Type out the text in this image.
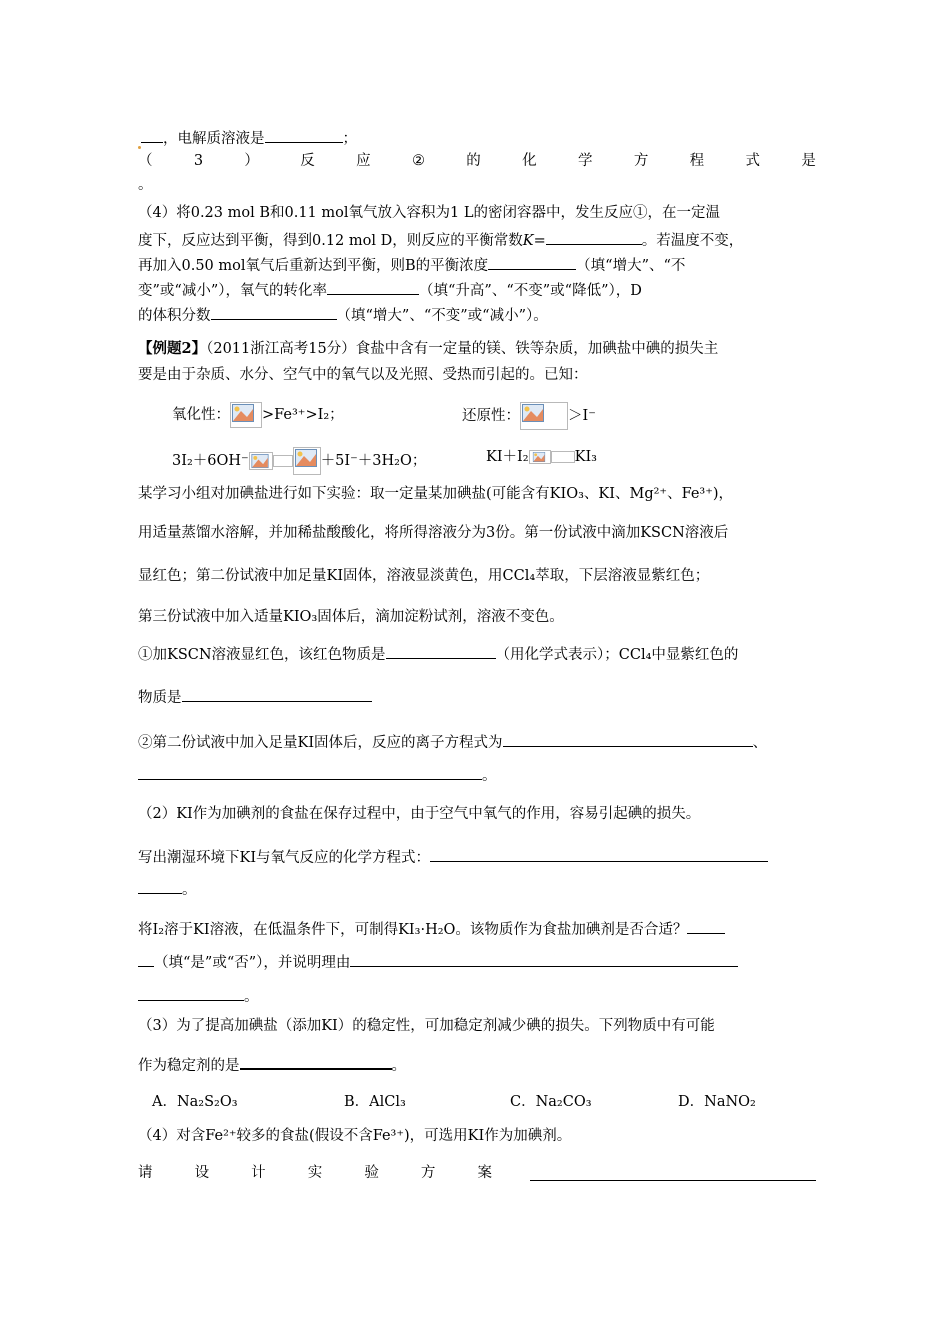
，电解质溶液是	；
（	3	）	反	应	②	的	化	学	方	程	式	是
。
（4）将0.23 mol B和0.11 mol氧气放入容积为1 L的密闭容器中，发生反应①，在一定温
度下，反应达到平衡，得到0.12 mol D，则反应的平衡常数K=	。若温度不变，
再加入0.50 mol氧气后重新达到平衡，则B的平衡浓度	（填“增大”、“不
变”或“减小”），氧气的转化率	（填“升高”、“不变”或“降低”），D
的体积分数	（填“增大”、“不变”或“减小”）。
【例题2】（2011浙江高考15分）食盐中含有一定量的镁、铁等杂质，加碘盐中碘的损失主
要是由于杂质、水分、空气中的氧气以及光照、受热而引起的。已知：
氧化性： >Fe³⁺>I₂；	还原性：	＞I⁻
3I₂＋6OH⁻	＋5I⁻＋3H₂O；	KI＋I₂	KI₃
某学习小组对加碘盐进行如下实验：取一定量某加碘盐(可能含有KIO₃、KI、Mg²⁺、Fe³⁺)，
用适量蒸馏水溶解，并加稀盐酸酸化，将所得溶液分为3份。第一份试液中滴加KSCN溶液后
显红色；第二份试液中加足量KI固体，溶液显淡黄色，用CCl₄萃取，下层溶液显紫红色；
第三份试液中加入适量KIO₃固体后，滴加淀粉试剂，溶液不变色。
①加KSCN溶液显红色，该红色物质是	（用化学式表示）；CCl₄中显紫红色的
物质是
②第二份试液中加入足量KI固体后，反应的离子方程式为	、
。
（2）KI作为加碘剂的食盐在保存过程中，由于空气中氧气的作用，容易引起碘的损失。
写出潮湿环境下KI与氧气反应的化学方程式：
。
将I₂溶于KI溶液，在低温条件下，可制得KI₃·H₂O。该物质作为食盐加碘剂是否合适？
（填“是”或“否”），并说明理由
。
（3）为了提高加碘盐（添加KI）的稳定性，可加稳定剂减少碘的损失。下列物质中有可能
作为稳定剂的是	。
A．Na₂S₂O₃	B．AlCl₃	C．Na₂CO₃	D．NaNO₂
（4）对含Fe²⁺较多的食盐(假设不含Fe³⁺)，可选用KI作为加碘剂。
请	设	计	实	验	方	案
